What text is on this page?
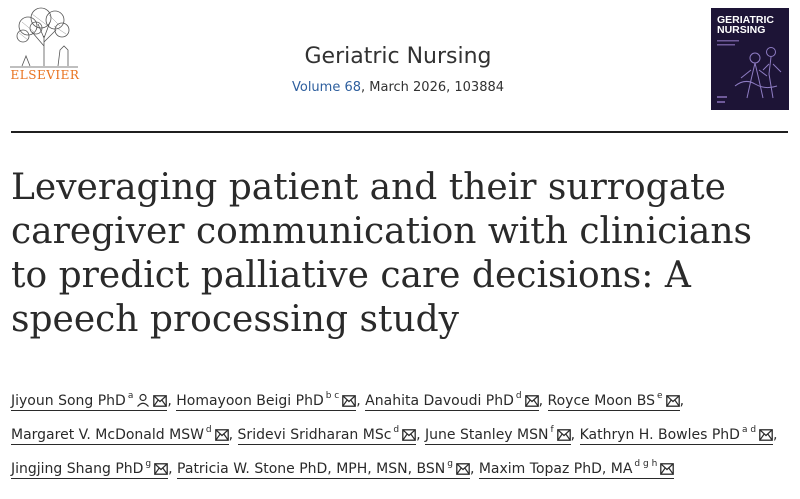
ELSEVIER
Geriatric Nursing
Volume 68, March 2026, 103884
GERIATRIC
NURSING
Leveraging patient and their surrogate caregiver communication with clinicians to predict palliative care decisions: A speech processing study
Jiyoun Song PhD $^a$ , Homayoon Beigi PhD $^{b c}$ , Anahita Davoudi PhD $^d$ , Royce Moon BS $^e$ , Margaret V. McDonald MSW $^d$ , Sridevi Sridharan MSc $^d$ , June Stanley MSN $^f$ , Kathryn H. Bowles PhD $^{a d}$ , Jingjing Shang PhD $^g$ , Patricia W. Stone PhD, MPH, MSN, BSN $^g$ , Maxim Topaz PhD, MA $^{d g h}$
